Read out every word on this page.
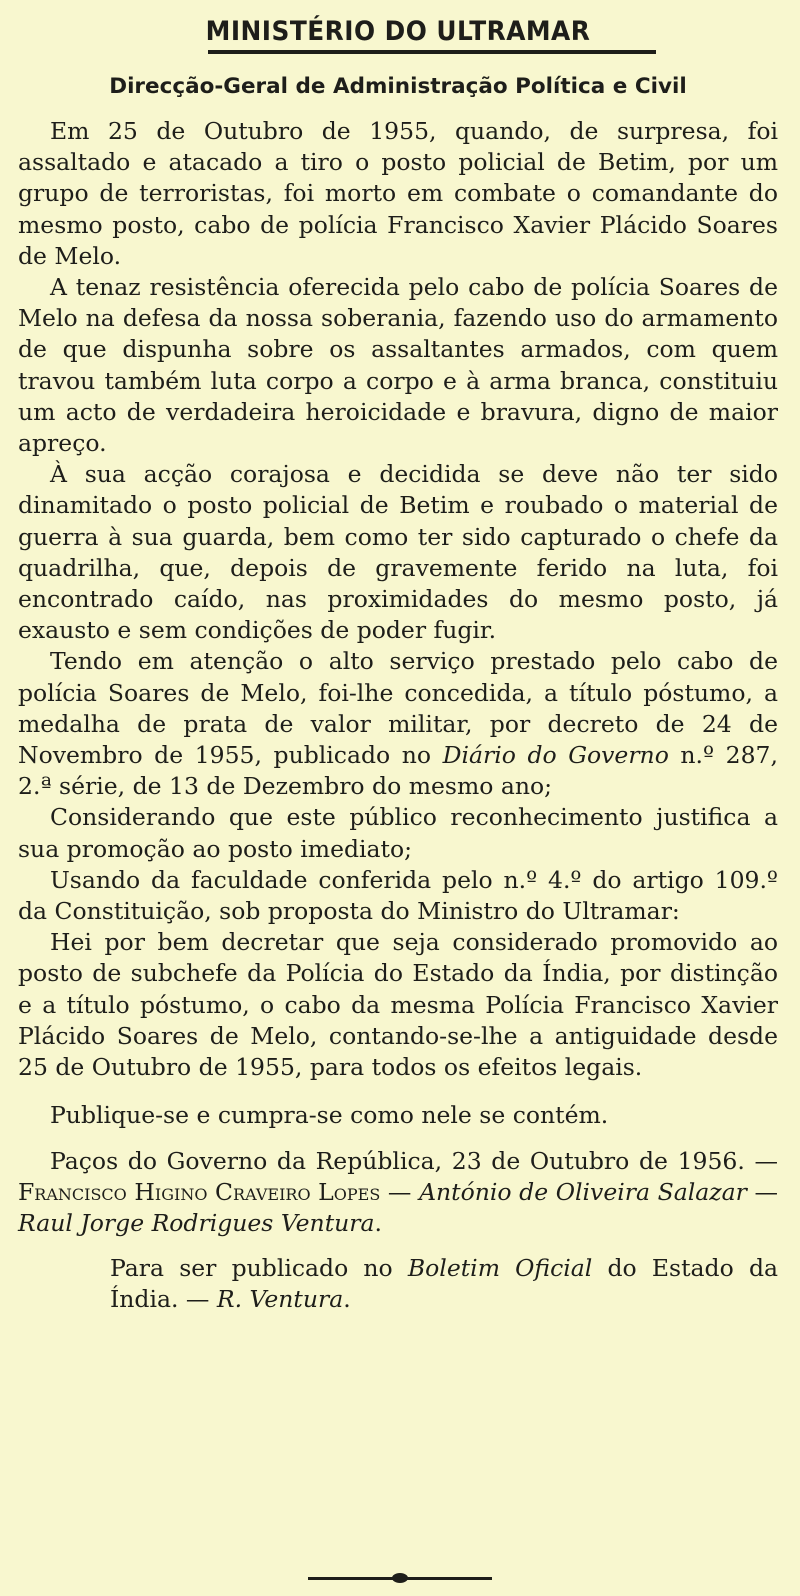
MINISTÉRIO DO ULTRAMAR
Direcção-Geral de Administração Política e Civil

Em 25 de Outubro de 1955, quando, de surpresa, foi assaltado e atacado a tiro o posto policial de Betim, por um grupo de terroristas, foi morto em combate o comandante do mesmo posto, cabo de polícia Francisco Xavier Plácido Soares de Melo.

A tenaz resistência oferecida pelo cabo de polícia Soares de Melo na defesa da nossa soberania, fazendo uso do armamento de que dispunha sobre os assaltantes armados, com quem travou também luta corpo a corpo e à arma branca, constituiu um acto de verdadeira heroicidade e bravura, digno de maior apreço.

À sua acção corajosa e decidida se deve não ter sido dinamitado o posto policial de Betim e roubado o material de guerra à sua guarda, bem como ter sido capturado o chefe da quadrilha, que, depois de gravemente ferido na luta, foi encontrado caído, nas proximidades do mesmo posto, já exausto e sem condições de poder fugir.

Tendo em atenção o alto serviço prestado pelo cabo de polícia Soares de Melo, foi-lhe concedida, a título póstumo, a medalha de prata de valor militar, por decreto de 24 de Novembro de 1955, publicado no Diário do Governo n.º 287, 2.ª série, de 13 de Dezembro do mesmo ano;

Considerando que este público reconhecimento justifica a sua promoção ao posto imediato;

Usando da faculdade conferida pelo n.º 4.º do artigo 109.º da Constituição, sob proposta do Ministro do Ultramar:

Hei por bem decretar que seja considerado promovido ao posto de subchefe da Polícia do Estado da Índia, por distinção e a título póstumo, o cabo da mesma Polícia Francisco Xavier Plácido Soares de Melo, contando-se-lhe a antiguidade desde 25 de Outubro de 1955, para todos os efeitos legais.

Publique-se e cumpra-se como nele se contém.

Paços do Governo da República, 23 de Outubro de 1956. — Francisco Higino Craveiro Lopes — António de Oliveira Salazar — Raul Jorge Rodrigues Ventura.

Para ser publicado no Boletim Oficial do Estado da Índia. — R. Ventura.
